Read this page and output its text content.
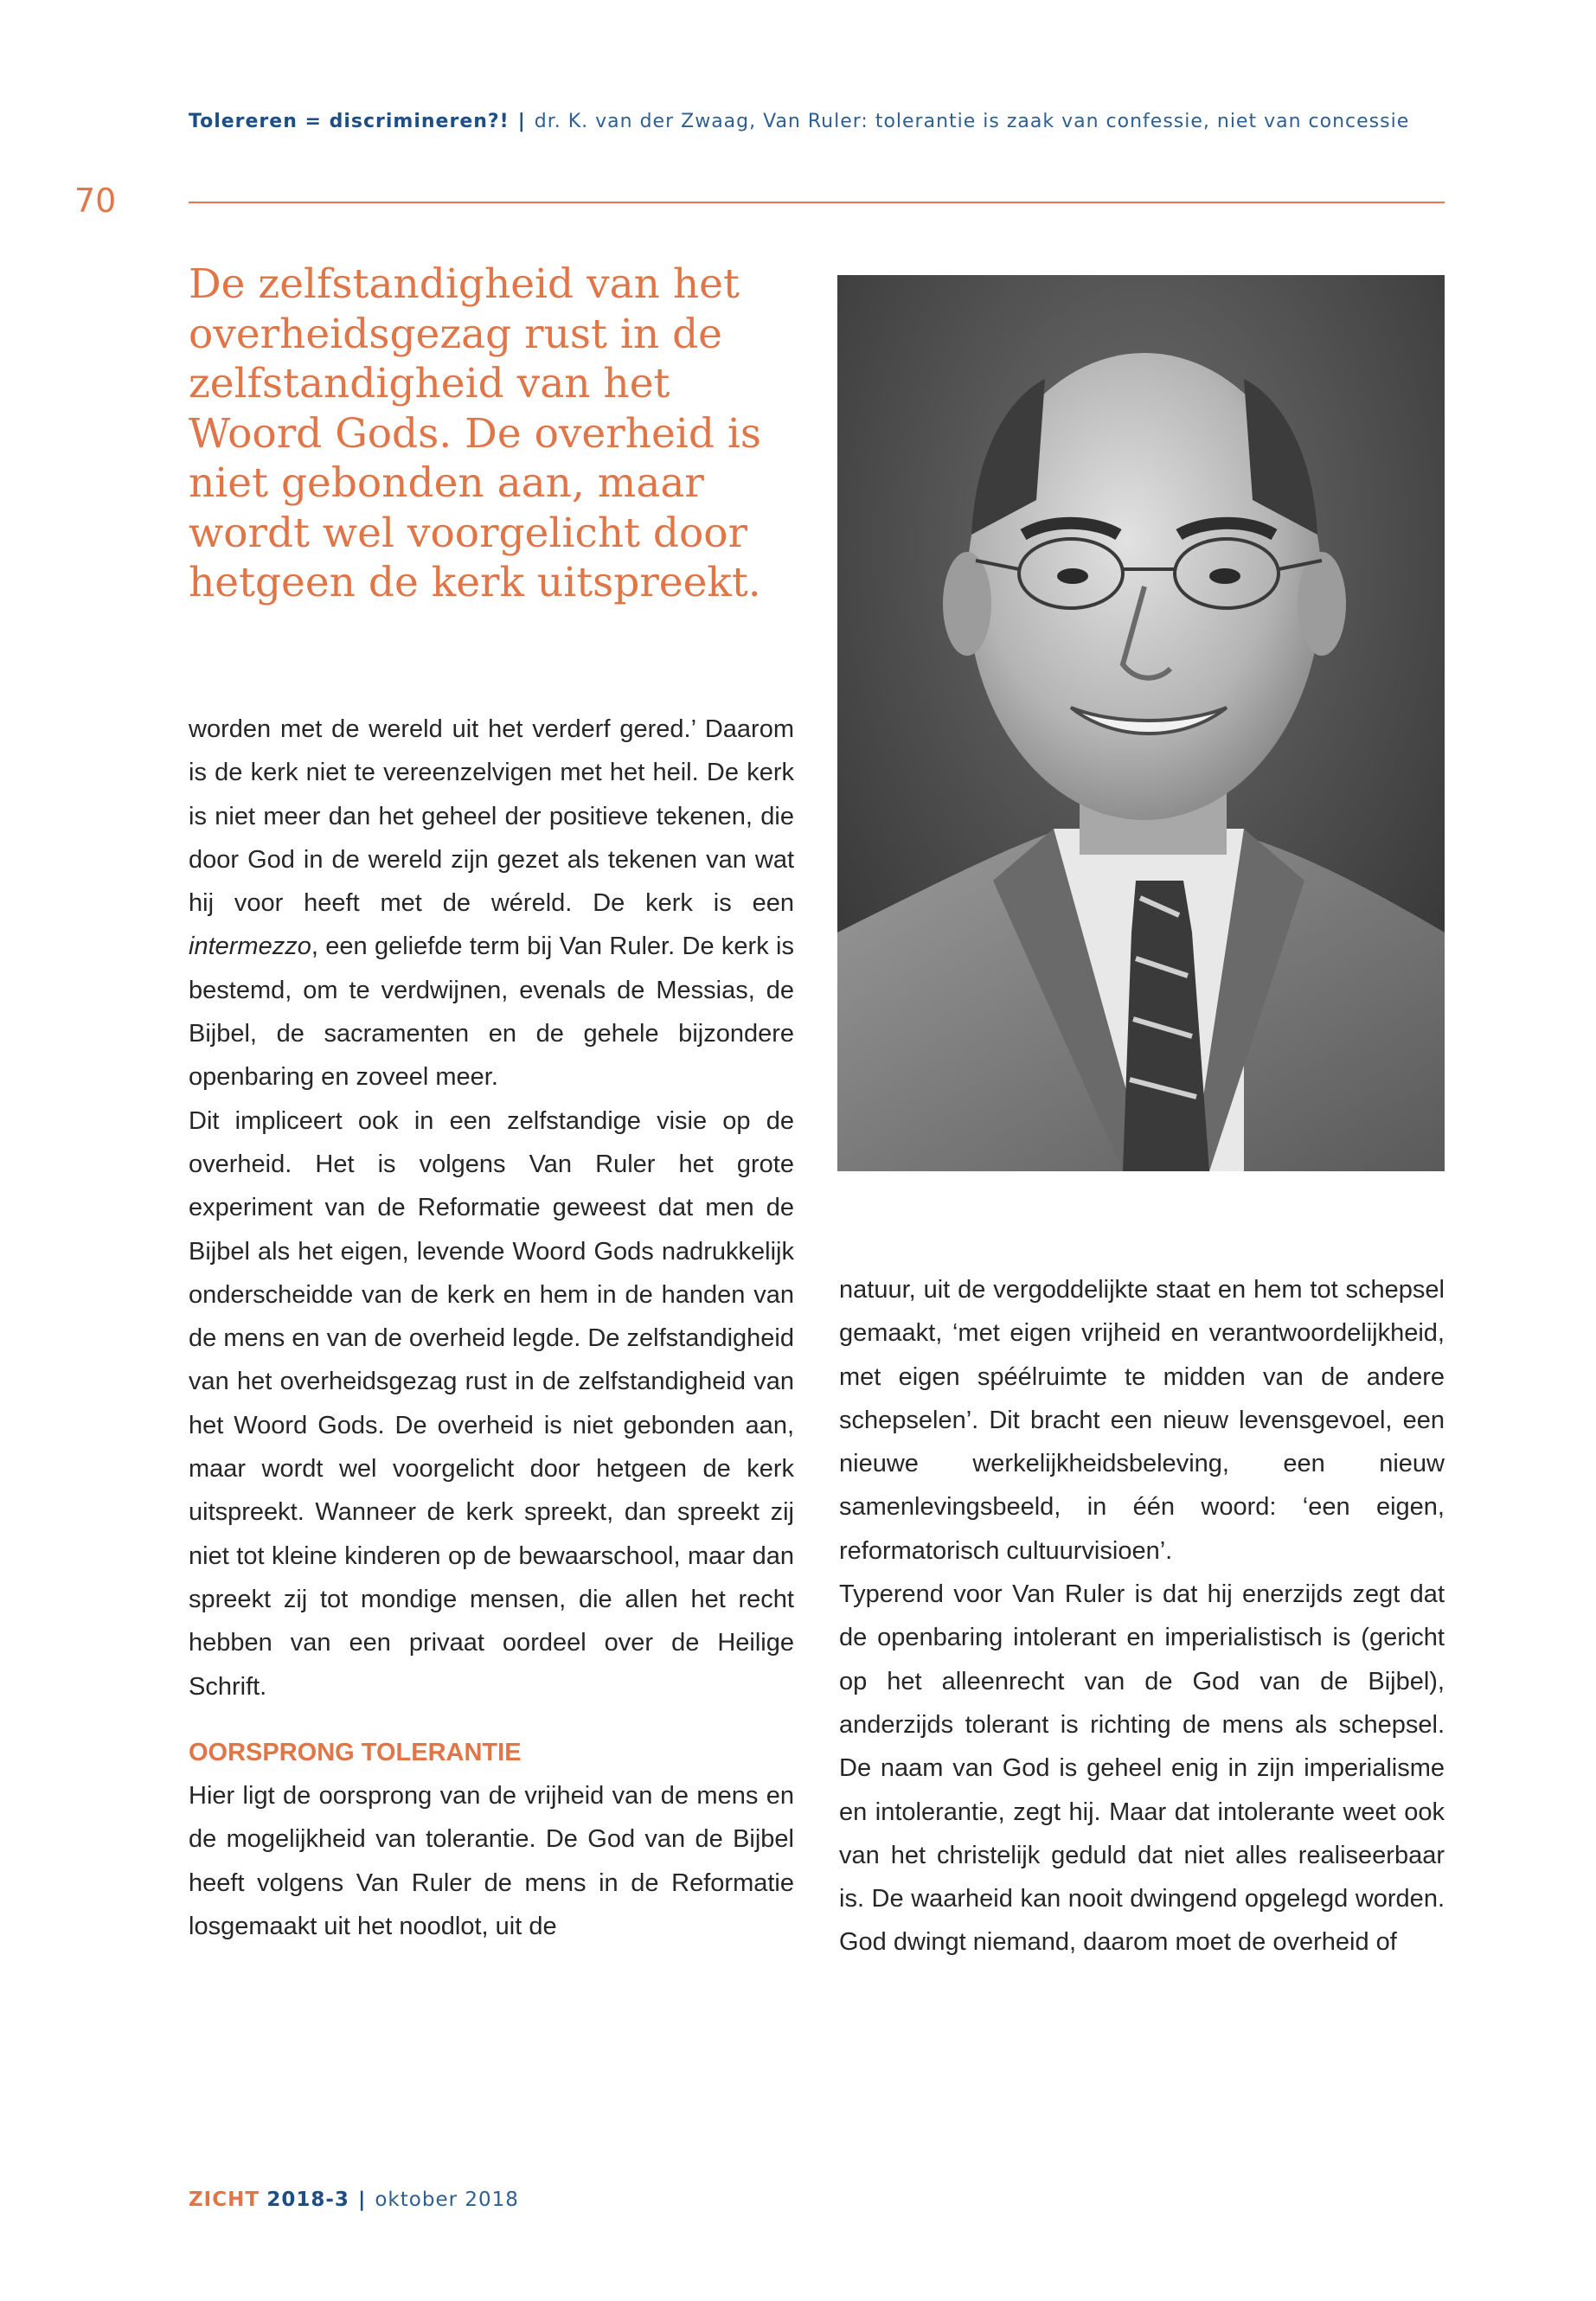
Tolereren = discrimineren?! | dr. K. van der Zwaag, Van Ruler: tolerantie is zaak van confessie, niet van concessie
70

De zelfstandigheid van het overheidsgezag rust in de zelfstandigheid van het Woord Gods. De overheid is niet gebonden aan, maar wordt wel voorgelicht door hetgeen de kerk uitspreekt.

worden met de wereld uit het verderf gered.’ Daarom is de kerk niet te vereenzelvigen met het heil. De kerk is niet meer dan het geheel der positieve tekenen, die door God in de wereld zijn gezet als tekenen van wat hij voor heeft met de wéreld. De kerk is een intermezzo, een geliefde term bij Van Ruler. De kerk is bestemd, om te verdwijnen, evenals de Messias, de Bijbel, de sacramenten en de gehele bijzondere openbaring en zoveel meer.

Dit impliceert ook in een zelfstandige visie op de overheid. Het is volgens Van Ruler het grote experiment van de Reformatie geweest dat men de Bijbel als het eigen, levende Woord Gods nadrukkelijk onderscheidde van de kerk en hem in de handen van de mens en van de overheid legde. De zelfstandigheid van het overheidsgezag rust in de zelfstandigheid van het Woord Gods. De overheid is niet gebonden aan, maar wordt wel voorgelicht door hetgeen de kerk uitspreekt. Wanneer de kerk spreekt, dan spreekt zij niet tot kleine kinderen op de bewaarschool, maar dan spreekt zij tot mondige mensen, die allen het recht hebben van een privaat oordeel over de Heilige Schrift.

OORSPRONG TOLERANTIE

Hier ligt de oorsprong van de vrijheid van de mens en de mogelijkheid van tolerantie. De God van de Bijbel heeft volgens Van Ruler de mens in de Reformatie losgemaakt uit het noodlot, uit de

natuur, uit de vergoddelijkte staat en hem tot schepsel gemaakt, ‘met eigen vrijheid en verantwoordelijkheid, met eigen spéélruimte te midden van de andere schepselen’. Dit bracht een nieuw levensgevoel, een nieuwe werkelijkheidsbeleving, een nieuw samenlevingsbeeld, in één woord: ‘een eigen, reformatorisch cultuurvisioen’.

Typerend voor Van Ruler is dat hij enerzijds zegt dat de openbaring intolerant en imperialistisch is (gericht op het alleenrecht van de God van de Bijbel), anderzijds tolerant is richting de mens als schepsel. De naam van God is geheel enig in zijn imperialisme en intolerantie, zegt hij. Maar dat intolerante weet ook van het christelijk geduld dat niet alles realiseerbaar is. De waarheid kan nooit dwingend opgelegd worden. God dwingt niemand, daarom moet de overheid of

ZICHT 2018-3 | oktober 2018
